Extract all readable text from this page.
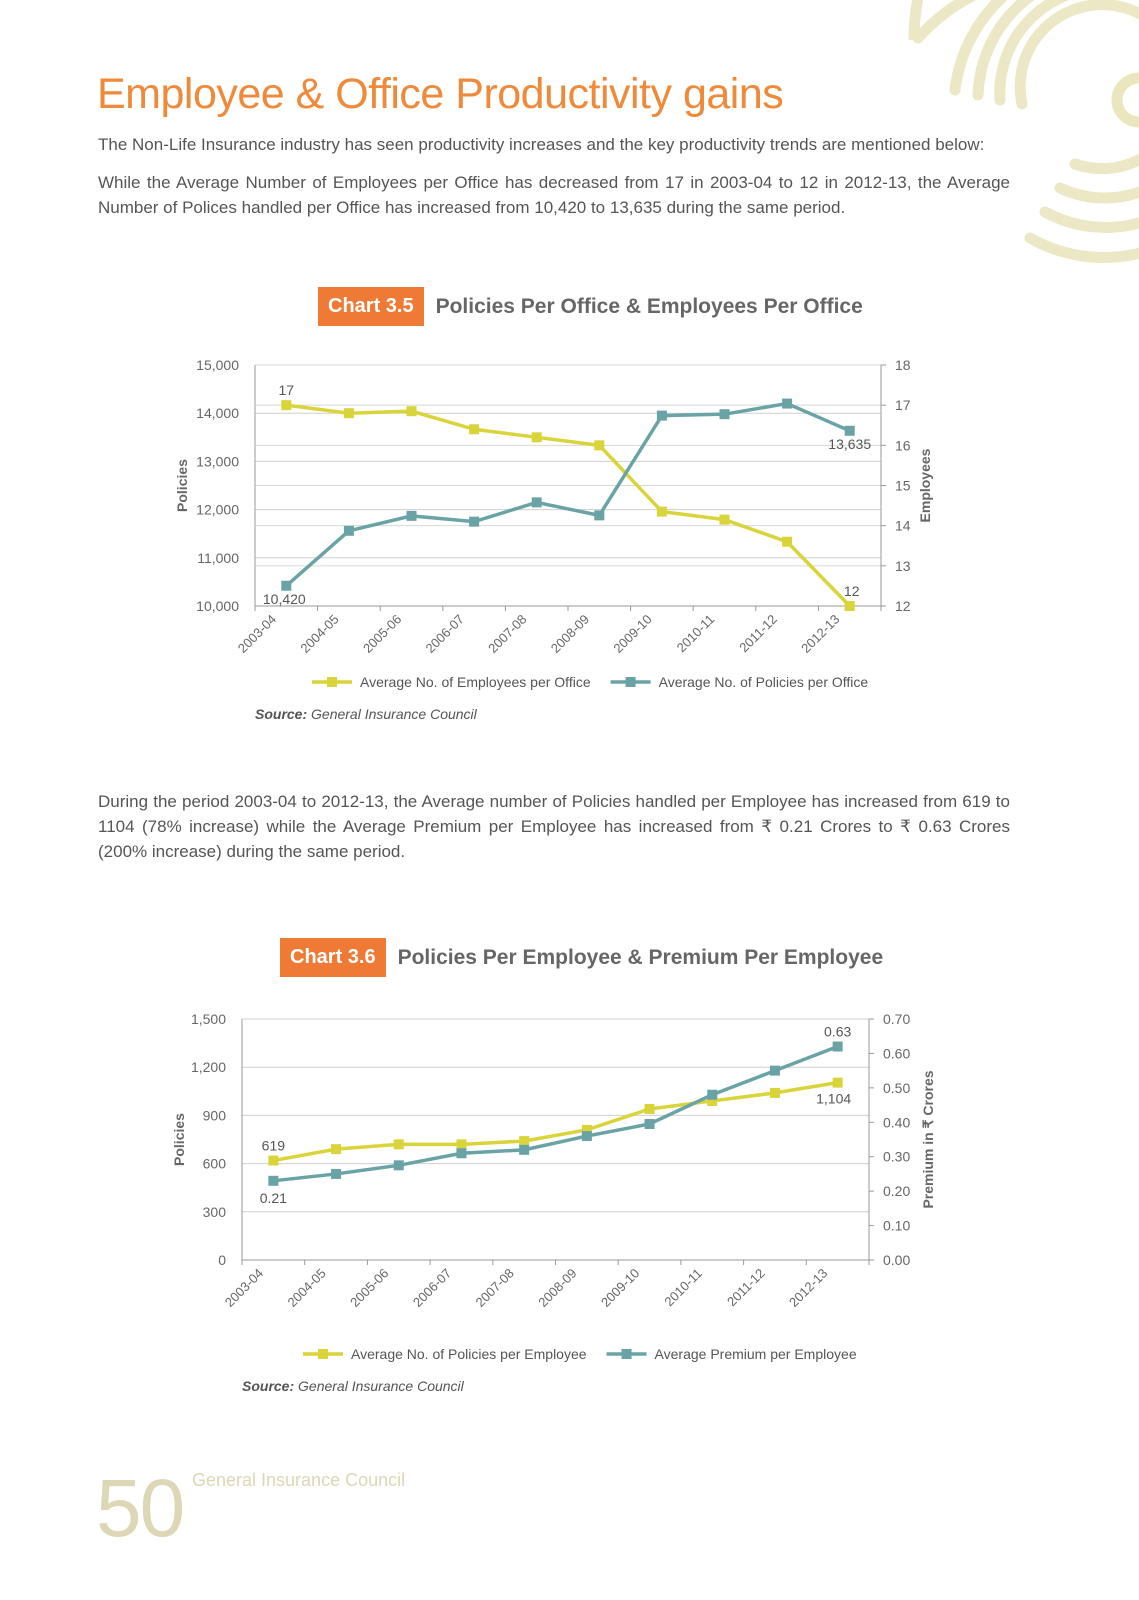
Employee & Office Productivity gains

The Non-Life Insurance industry has seen productivity increases and the key productivity trends are mentioned below:

While the Average Number of Employees per Office has decreased from 17 in 2003-04 to 12 in 2012-13, the Average Number of Polices handled per Office has increased from 10,420 to 13,635 during the same period.

Chart 3.5	Policies Per Office & Employees Per Office
10,000
11,000
12,000
13,000
14,000
15,000
12
13
14
15
16
17
18
2003-04 2004-05 2005-06 2006-07 2007-08 2008-09 2009-10 2010-11 2011-12 2012-13
Policies	Employees
17
12
10,420
13,635
Average No. of Employees per Office	Average No. of Policies per Office
Source: General Insurance Council

During the period 2003-04 to 2012-13, the Average number of Policies handled per Employee has increased from 619 to 1104 (78% increase) while the Average Premium per Employee has increased from ₹ 0.21 Crores to ₹ 0.63 Crores (200% increase) during the same period.

Chart 3.6	Policies Per Employee & Premium Per Employee
0
300
600
900
1,200
1,500
0.00
0.10
0.20
0.30
0.40
0.50
0.60
0.70
2003-04 2004-05 2005-06 2006-07 2007-08 2008-09 2009-10 2010-11 2011-12 2012-13
Policies	Premium in ₹ Crores
619
1,104
0.21
0.63
Average No. of Policies per Employee	Average Premium per Employee
Source: General Insurance Council
50 General Insurance Council
